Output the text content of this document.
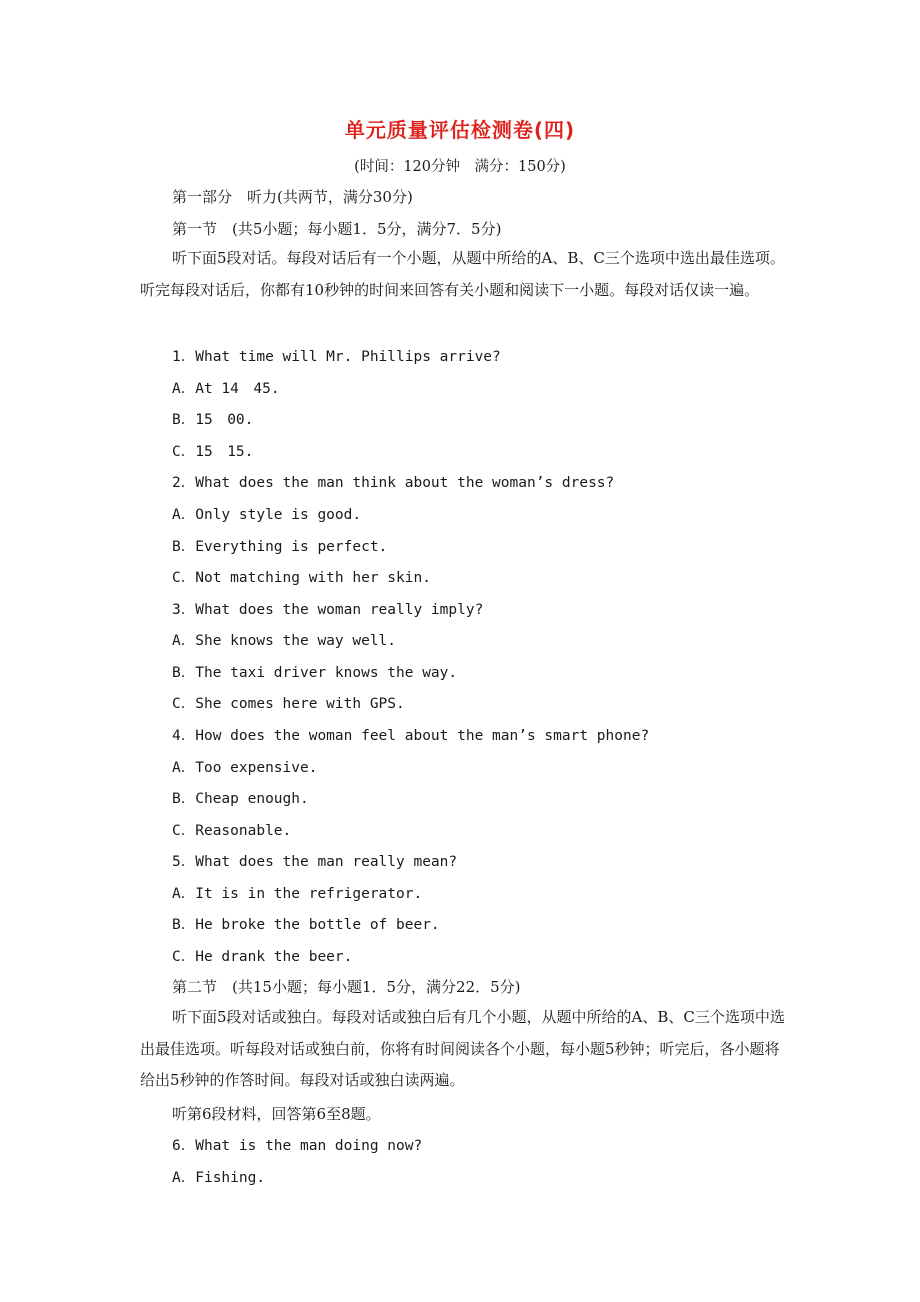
单元质量评估检测卷(四)
(时间：120分钟　满分：150分)
第一部分　听力(共两节，满分30分)
第一节　(共5小题；每小题1．5分，满分7．5分)
听下面5段对话。每段对话后有一个小题，从题中所给的A、B、C三个选项中选出最佳选项。听完每段对话后，你都有10秒钟的时间来回答有关小题和阅读下一小题。每段对话仅读一遍。
1．What time will Mr. Phillips arrive?
A．At 14　45.
B．15　00.
C．15　15.
2．What does the man think about the woman’s dress?
A．Only style is good.
B．Everything is perfect.
C．Not matching with her skin.
3．What does the woman really imply?
A．She knows the way well.
B．The taxi driver knows the way.
C．She comes here with GPS.
4．How does the woman feel about the man’s smart phone?
A．Too expensive.
B．Cheap enough.
C．Reasonable.
5．What does the man really mean?
A．It is in the refrigerator.
B．He broke the bottle of beer.
C．He drank the beer.
第二节　(共15小题；每小题1．5分，满分22．5分)
听下面5段对话或独白。每段对话或独白后有几个小题，从题中所给的A、B、C三个选项中选出最佳选项。听每段对话或独白前，你将有时间阅读各个小题，每小题5秒钟；听完后，各小题将给出5秒钟的作答时间。每段对话或独白读两遍。
听第6段材料，回答第6至8题。
6．What is the man doing now?
A．Fishing.
